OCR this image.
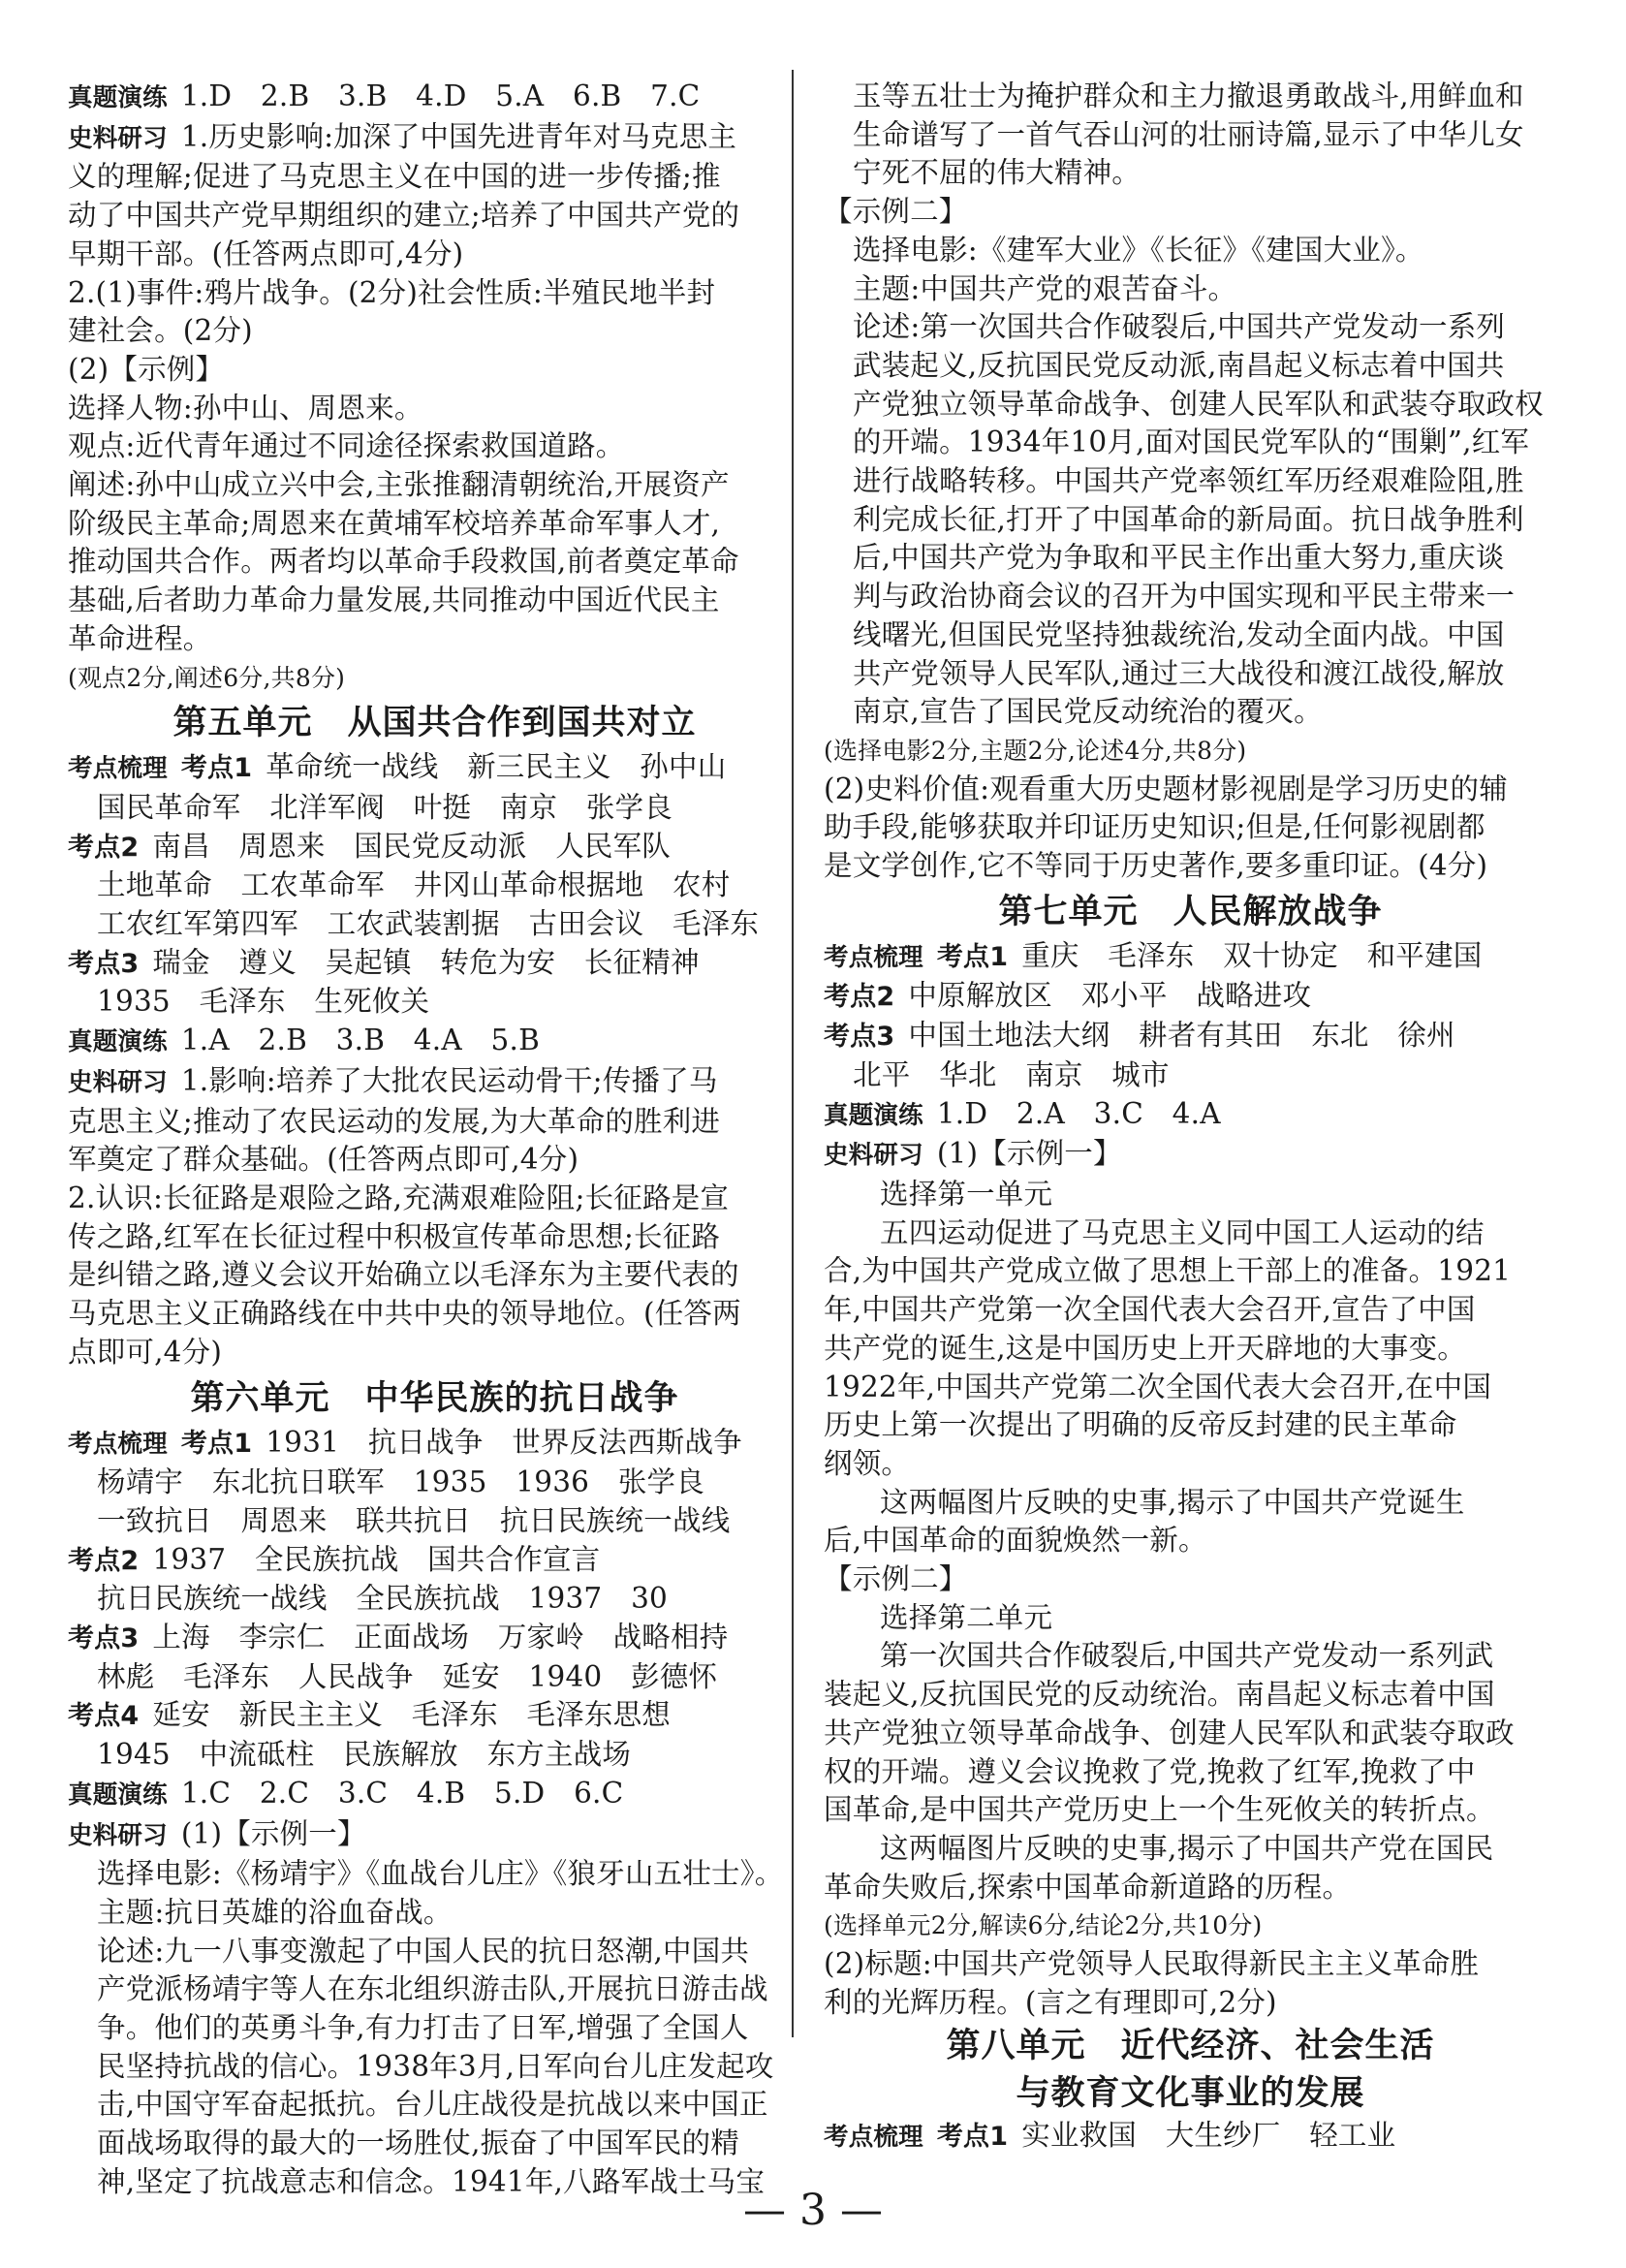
真题演练 1.D　2.B　3.B　4.D　5.A　6.B　7.C
史料研习 1.历史影响:加深了中国先进青年对马克思主
义的理解;促进了马克思主义在中国的进一步传播;推
动了中国共产党早期组织的建立;培养了中国共产党的
早期干部。(任答两点即可,4分)
2.(1)事件:鸦片战争。(2分)社会性质:半殖民地半封
建社会。(2分)
(2)【示例】
选择人物:孙中山、周恩来。
观点:近代青年通过不同途径探索救国道路。
阐述:孙中山成立兴中会,主张推翻清朝统治,开展资产
阶级民主革命;周恩来在黄埔军校培养革命军事人才,
推动国共合作。两者均以革命手段救国,前者奠定革命
基础,后者助力革命力量发展,共同推动中国近代民主
革命进程。
(观点2分,阐述6分,共8分)
第五单元　从国共合作到国共对立
考点梳理 考点1 革命统一战线　新三民主义　孙中山
国民革命军　北洋军阀　叶挺　南京　张学良
考点2 南昌　周恩来　国民党反动派　人民军队
土地革命　工农革命军　井冈山革命根据地　农村
工农红军第四军　工农武装割据　古田会议　毛泽东
考点3 瑞金　遵义　吴起镇　转危为安　长征精神
1935　毛泽东　生死攸关
真题演练 1.A　2.B　3.B　4.A　5.B
史料研习 1.影响:培养了大批农民运动骨干;传播了马
克思主义;推动了农民运动的发展,为大革命的胜利进
军奠定了群众基础。(任答两点即可,4分)
2.认识:长征路是艰险之路,充满艰难险阻;长征路是宣
传之路,红军在长征过程中积极宣传革命思想;长征路
是纠错之路,遵义会议开始确立以毛泽东为主要代表的
马克思主义正确路线在中共中央的领导地位。(任答两
点即可,4分)
第六单元　中华民族的抗日战争
考点梳理 考点1 1931　抗日战争　世界反法西斯战争
杨靖宇　东北抗日联军　1935　1936　张学良
一致抗日　周恩来　联共抗日　抗日民族统一战线
考点2 1937　全民族抗战　国共合作宣言
抗日民族统一战线　全民族抗战　1937　30
考点3 上海　李宗仁　正面战场　万家岭　战略相持
林彪　毛泽东　人民战争　延安　1940　彭德怀
考点4 延安　新民主主义　毛泽东　毛泽东思想
1945　中流砥柱　民族解放　东方主战场
真题演练 1.C　2.C　3.C　4.B　5.D　6.C
史料研习 (1)【示例一】
选择电影:《杨靖宇》《血战台儿庄》《狼牙山五壮士》。
主题:抗日英雄的浴血奋战。
论述:九一八事变激起了中国人民的抗日怒潮,中国共
产党派杨靖宇等人在东北组织游击队,开展抗日游击战
争。他们的英勇斗争,有力打击了日军,增强了全国人
民坚持抗战的信心。1938年3月,日军向台儿庄发起攻
击,中国守军奋起抵抗。台儿庄战役是抗战以来中国正
面战场取得的最大的一场胜仗,振奋了中国军民的精
神,坚定了抗战意志和信念。1941年,八路军战士马宝
玉等五壮士为掩护群众和主力撤退勇敢战斗,用鲜血和
生命谱写了一首气吞山河的壮丽诗篇,显示了中华儿女
宁死不屈的伟大精神。
【示例二】
选择电影:《建军大业》《长征》《建国大业》。
主题:中国共产党的艰苦奋斗。
论述:第一次国共合作破裂后,中国共产党发动一系列
武装起义,反抗国民党反动派,南昌起义标志着中国共
产党独立领导革命战争、创建人民军队和武装夺取政权
的开端。1934年10月,面对国民党军队的“围剿”,红军
进行战略转移。中国共产党率领红军历经艰难险阻,胜
利完成长征,打开了中国革命的新局面。抗日战争胜利
后,中国共产党为争取和平民主作出重大努力,重庆谈
判与政治协商会议的召开为中国实现和平民主带来一
线曙光,但国民党坚持独裁统治,发动全面内战。中国
共产党领导人民军队,通过三大战役和渡江战役,解放
南京,宣告了国民党反动统治的覆灭。
(选择电影2分,主题2分,论述4分,共8分)
(2)史料价值:观看重大历史题材影视剧是学习历史的辅
助手段,能够获取并印证历史知识;但是,任何影视剧都
是文学创作,它不等同于历史著作,要多重印证。(4分)
第七单元　人民解放战争
考点梳理 考点1 重庆　毛泽东　双十协定　和平建国
考点2 中原解放区　邓小平　战略进攻
考点3 中国土地法大纲　耕者有其田　东北　徐州
北平　华北　南京　城市
真题演练 1.D　2.A　3.C　4.A
史料研习 (1)【示例一】
选择第一单元
五四运动促进了马克思主义同中国工人运动的结
合,为中国共产党成立做了思想上干部上的准备。1921
年,中国共产党第一次全国代表大会召开,宣告了中国
共产党的诞生,这是中国历史上开天辟地的大事变。
1922年,中国共产党第二次全国代表大会召开,在中国
历史上第一次提出了明确的反帝反封建的民主革命
纲领。
这两幅图片反映的史事,揭示了中国共产党诞生
后,中国革命的面貌焕然一新。
【示例二】
选择第二单元
第一次国共合作破裂后,中国共产党发动一系列武
装起义,反抗国民党的反动统治。南昌起义标志着中国
共产党独立领导革命战争、创建人民军队和武装夺取政
权的开端。遵义会议挽救了党,挽救了红军,挽救了中
国革命,是中国共产党历史上一个生死攸关的转折点。
这两幅图片反映的史事,揭示了中国共产党在国民
革命失败后,探索中国革命新道路的历程。
(选择单元2分,解读6分,结论2分,共10分)
(2)标题:中国共产党领导人民取得新民主主义革命胜
利的光辉历程。(言之有理即可,2分)
第八单元　近代经济、社会生活
与教育文化事业的发展
考点梳理 考点1 实业救国　大生纱厂　轻工业
— 3 —
